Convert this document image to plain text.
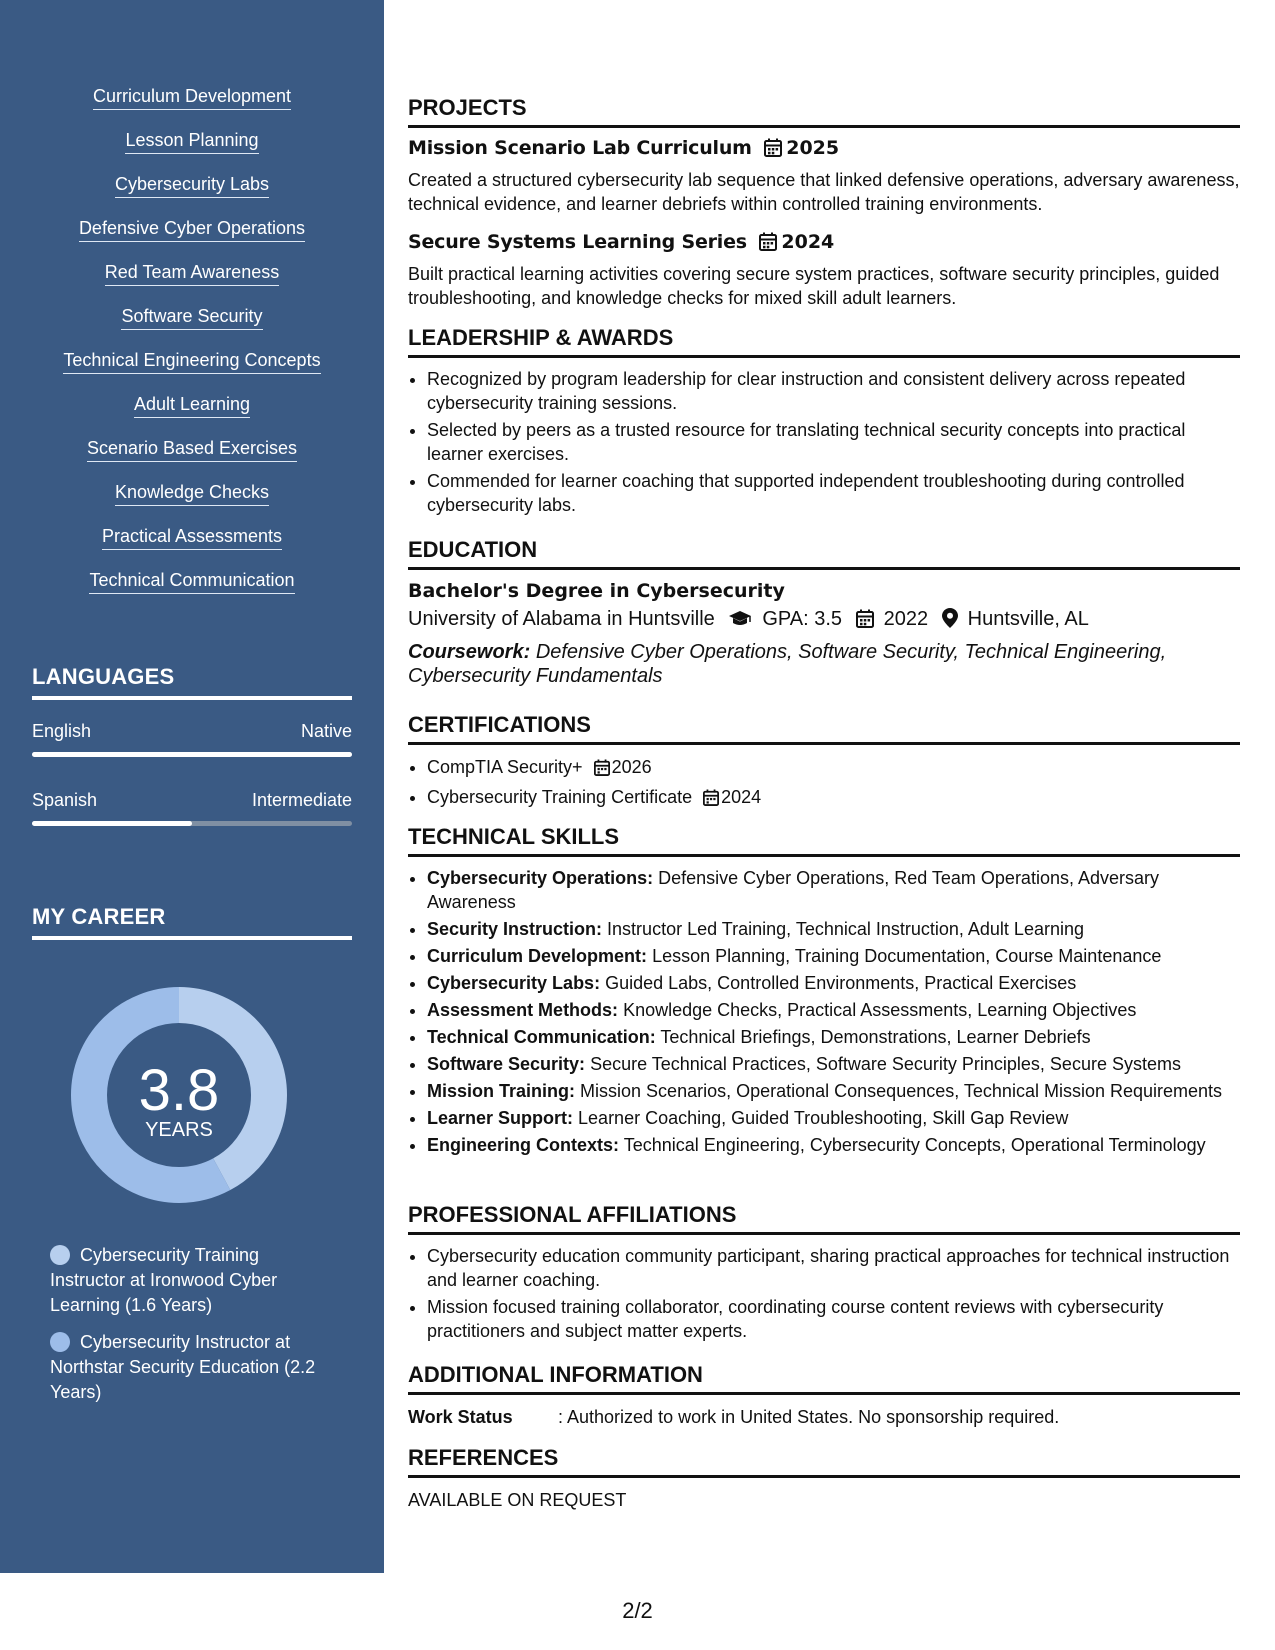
Curriculum Development
Lesson Planning
Cybersecurity Labs
Defensive Cyber Operations
Red Team Awareness
Software Security
Technical Engineering Concepts
Adult Learning
Scenario Based Exercises
Knowledge Checks
Practical Assessments
Technical Communication
LANGUAGES
English	Native
Spanish	Intermediate
MY CAREER
3.8
YEARS
Cybersecurity Training Instructor at Ironwood Cyber Learning (1.6 Years)
Cybersecurity Instructor at Northstar Security Education (2.2 Years)
PROJECTS
Mission Scenario Lab Curriculum 2025
Created a structured cybersecurity lab sequence that linked defensive operations, adversary awareness, technical evidence, and learner debriefs within controlled training environments.
Secure Systems Learning Series 2024
Built practical learning activities covering secure system practices, software security principles, guided troubleshooting, and knowledge checks for mixed skill adult learners.
LEADERSHIP & AWARDS
• Recognized by program leadership for clear instruction and consistent delivery across repeated cybersecurity training sessions.
• Selected by peers as a trusted resource for translating technical security concepts into practical learner exercises.
• Commended for learner coaching that supported independent troubleshooting during controlled cybersecurity labs.
EDUCATION
Bachelor's Degree in Cybersecurity
University of Alabama in Huntsville GPA: 3.5 2022 Huntsville, AL
Coursework: Defensive Cyber Operations, Software Security, Technical Engineering, Cybersecurity Fundamentals
CERTIFICATIONS
• CompTIA Security+ 2026
• Cybersecurity Training Certificate 2024
TECHNICAL SKILLS
• Cybersecurity Operations: Defensive Cyber Operations, Red Team Operations, Adversary Awareness
• Security Instruction: Instructor Led Training, Technical Instruction, Adult Learning
• Curriculum Development: Lesson Planning, Training Documentation, Course Maintenance
• Cybersecurity Labs: Guided Labs, Controlled Environments, Practical Exercises
• Assessment Methods: Knowledge Checks, Practical Assessments, Learning Objectives
• Technical Communication: Technical Briefings, Demonstrations, Learner Debriefs
• Software Security: Secure Technical Practices, Software Security Principles, Secure Systems
• Mission Training: Mission Scenarios, Operational Consequences, Technical Mission Requirements
• Learner Support: Learner Coaching, Guided Troubleshooting, Skill Gap Review
• Engineering Contexts: Technical Engineering, Cybersecurity Concepts, Operational Terminology
PROFESSIONAL AFFILIATIONS
• Cybersecurity education community participant, sharing practical approaches for technical instruction and learner coaching.
• Mission focused training collaborator, coordinating course content reviews with cybersecurity practitioners and subject matter experts.
ADDITIONAL INFORMATION
Work Status	: Authorized to work in United States. No sponsorship required.
REFERENCES
AVAILABLE ON REQUEST
2/2
